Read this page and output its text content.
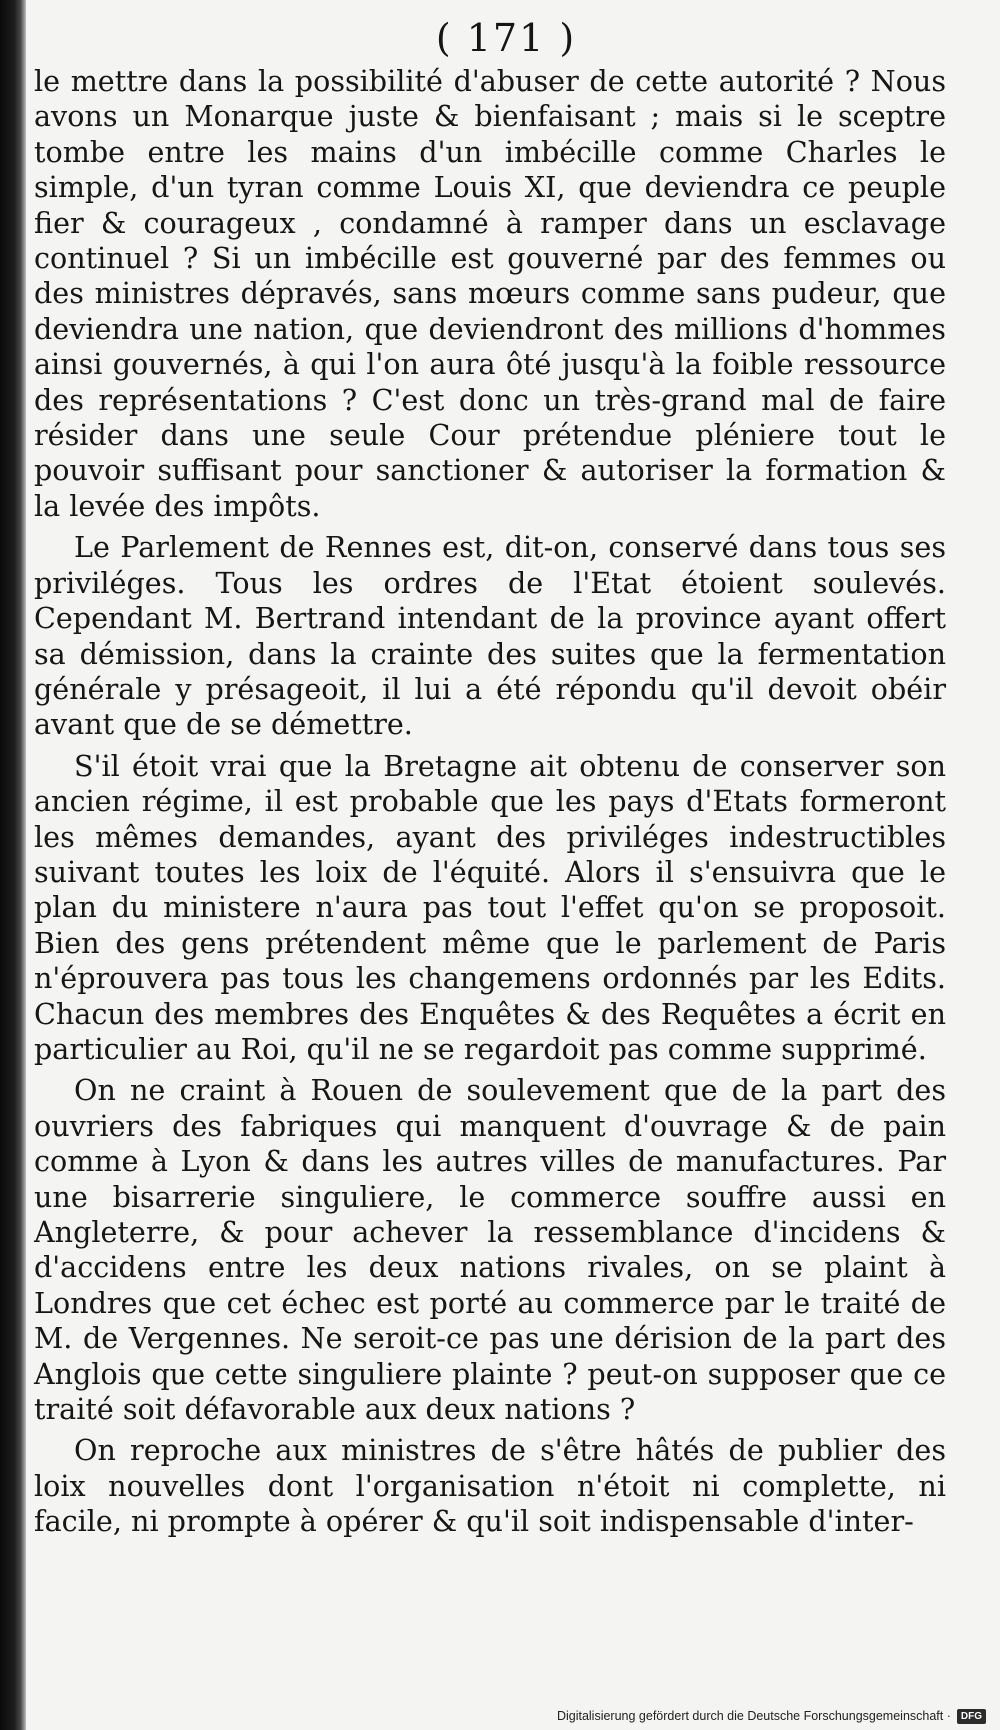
( 171 )

le mettre dans la possibilité d'abuser de cette autorité ? Nous avons un Monarque juste & bienfaisant ; mais si le sceptre tombe entre les mains d'un imbécille comme Charles le simple, d'un tyran comme Louis XI, que deviendra ce peuple fier & courageux , condamné à ramper dans un esclavage continuel ? Si un imbécille est gouverné par des femmes ou des ministres dépravés, sans mœurs comme sans pudeur, que deviendra une nation, que deviendront des millions d'hommes ainsi gouvernés, à qui l'on aura ôté jusqu'à la foible ressource des représentations ? C'est donc un très-grand mal de faire résider dans une seule Cour prétendue pléniere tout le pouvoir suffisant pour sanctioner & autoriser la formation & la levée des impôts.

Le Parlement de Rennes est, dit-on, conservé dans tous ses priviléges. Tous les ordres de l'Etat étoient soulevés. Cependant M. Bertrand intendant de la province ayant offert sa démission, dans la crainte des suites que la fermentation générale y présageoit, il lui a été répondu qu'il devoit obéir avant que de se démettre.

S'il étoit vrai que la Bretagne ait obtenu de conserver son ancien régime, il est probable que les pays d'Etats formeront les mêmes demandes, ayant des priviléges indestructibles suivant toutes les loix de l'équité. Alors il s'ensuivra que le plan du ministere n'aura pas tout l'effet qu'on se proposoit. Bien des gens prétendent même que le parlement de Paris n'éprouvera pas tous les changemens ordonnés par les Edits. Chacun des membres des Enquêtes & des Requêtes a écrit en particulier au Roi, qu'il ne se regardoit pas comme supprimé.

On ne craint à Rouen de soulevement que de la part des ouvriers des fabriques qui manquent d'ouvrage & de pain comme à Lyon & dans les autres villes de manufactures. Par une bisarrerie singuliere, le commerce souffre aussi en Angleterre, & pour achever la ressemblance d'incidens & d'accidens entre les deux nations rivales, on se plaint à Londres que cet échec est porté au commerce par le traité de M. de Vergennes. Ne seroit-ce pas une dérision de la part des Anglois que cette singuliere plainte ? peut-on supposer que ce traité soit défavorable aux deux nations ?

On reproche aux ministres de s'être hâtés de publier des loix nouvelles dont l'organisation n'étoit ni complette, ni facile, ni prompte à opérer & qu'il soit indispensable d'inter-

Digitalisierung gefördert durch die Deutsche Forschungsgemeinschaft ·	DFG
